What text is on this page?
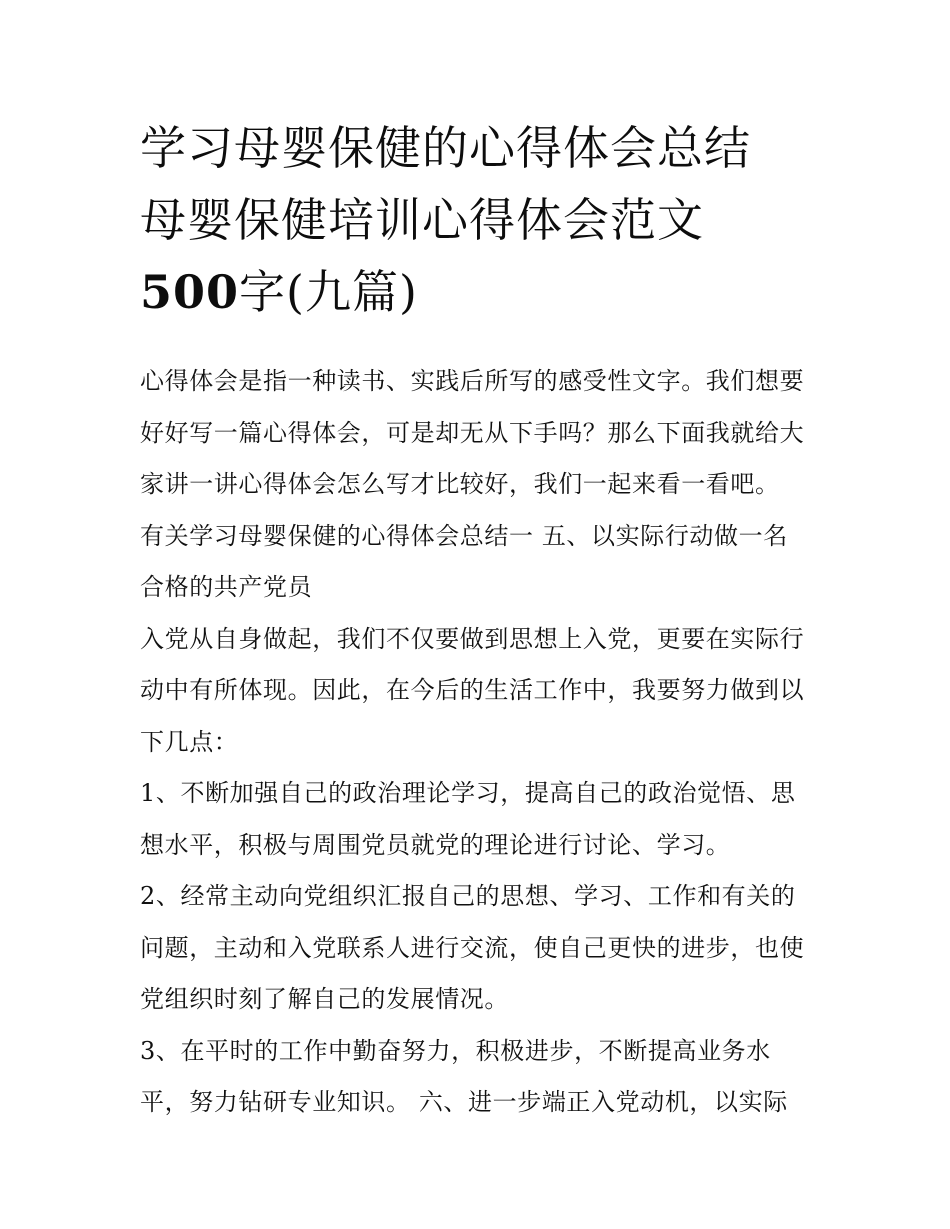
学习母婴保健的心得体会总结
母婴保健培训心得体会范文
500字(九篇)
心得体会是指一种读书、实践后所写的感受性文字。我们想要
好好写一篇心得体会，可是却无从下手吗？那么下面我就给大
家讲一讲心得体会怎么写才比较好，我们一起来看一看吧。
有关学习母婴保健的心得体会总结一 五、以实际行动做一名
合格的共产党员
入党从自身做起，我们不仅要做到思想上入党，更要在实际行
动中有所体现。因此，在今后的生活工作中，我要努力做到以
下几点：
1、不断加强自己的政治理论学习，提高自己的政治觉悟、思
想水平，积极与周围党员就党的理论进行讨论、学习。
2、经常主动向党组织汇报自己的思想、学习、工作和有关的
问题，主动和入党联系人进行交流，使自己更快的进步，也使
党组织时刻了解自己的发展情况。
3、在平时的工作中勤奋努力，积极进步，不断提高业务水
平，努力钻研专业知识。 六、进一步端正入党动机，以实际
